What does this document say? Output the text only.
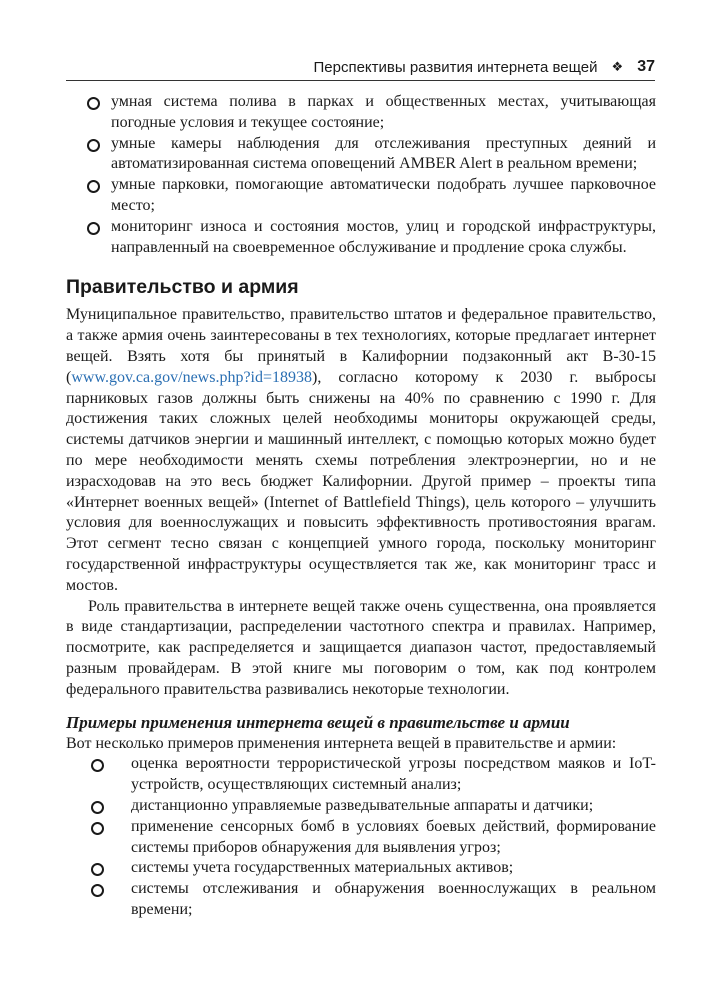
Перспективы развития интернета вещей ❖ 37
умная система полива в парках и общественных местах, учитывающая погодные условия и текущее состояние;
умные камеры наблюдения для отслеживания преступных деяний и автоматизированная система оповещений AMBER Alert в реальном времени;
умные парковки, помогающие автоматически подобрать лучшее парковочное место;
мониторинг износа и состояния мостов, улиц и городской инфраструктуры, направленный на своевременное обслуживание и продление срока службы.
Правительство и армия

Муниципальное правительство, правительство штатов и федеральное правительство, а также армия очень заинтересованы в тех технологиях, которые предлагает интернет вещей. Взять хотя бы принятый в Калифорнии подзаконный акт B-30-15 (www.gov.ca.gov/news.php?id=18938), согласно которому к 2030 г. выбросы парниковых газов должны быть снижены на 40% по сравнению с 1990 г. Для достижения таких сложных целей необходимы мониторы окружающей среды, системы датчиков энергии и машинный интеллект, с помощью которых можно будет по мере необходимости менять схемы потребления электроэнергии, но и не израсходовав на это весь бюджет Калифорнии. Другой пример – проекты типа «Интернет военных вещей» (Internet of Battlefield Things), цель которого – улучшить условия для военнослужащих и повысить эффективность противостояния врагам. Этот сегмент тесно связан с концепцией умного города, поскольку мониторинг государственной инфраструктуры осуществляется так же, как мониторинг трасс и мостов.

Роль правительства в интернете вещей также очень существенна, она проявляется в виде стандартизации, распределении частотного спектра и правилах. Например, посмотрите, как распределяется и защищается диапазон частот, предоставляемый разным провайдерам. В этой книге мы поговорим о том, как под контролем федерального правительства развивались некоторые технологии.

Примеры применения интернета вещей в правительстве и армии

Вот несколько примеров применения интернета вещей в правительстве и армии:

оценка вероятности террористической угрозы посредством маяков и IoT-устройств, осуществляющих системный анализ;
дистанционно управляемые разведывательные аппараты и датчики;
применение сенсорных бомб в условиях боевых действий, формирование системы приборов обнаружения для выявления угроз;
системы учета государственных материальных активов;
системы отслеживания и обнаружения военнослужащих в реальном времени;
